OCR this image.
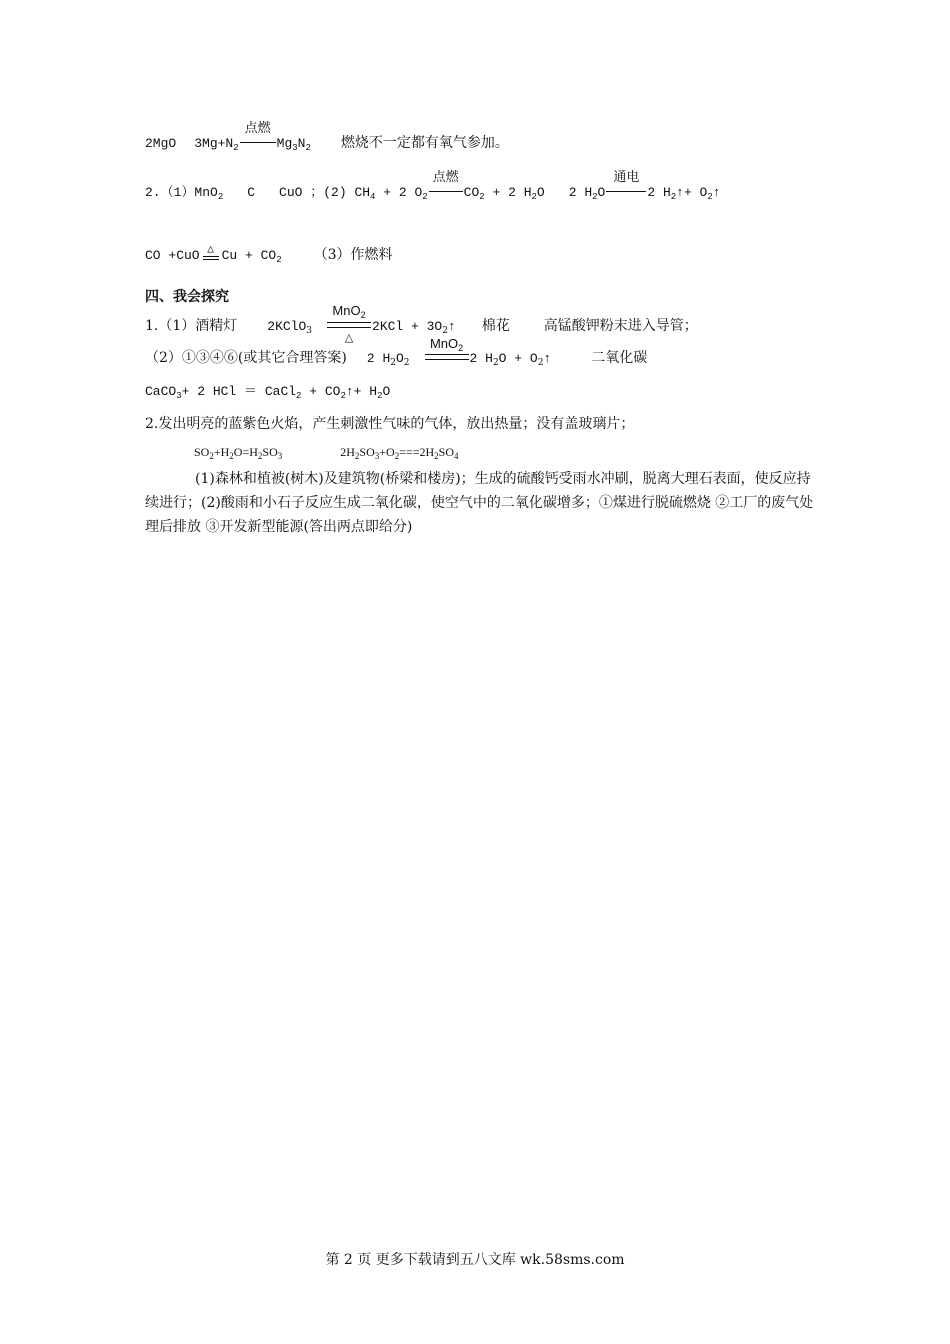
2MgO $3Mg+N_2$
点燃
$Mg_3N_2$ 燃烧不一定都有氧气参加。
2.（1）MnO$_2$ C CuO ；(2) $CH_4 + 2$ $O_2$
点燃
$CO_2 + 2$ $H_2O$ 2 $H_2O$
通电
2 $H_2↑+$ $O_2↑$
CO +CuO △ $Cu + CO_2$ （3）作燃料
四、我会探究
1.（1）酒精灯 2KClO$_3$
MnO$_2$
△
$2KCl + 3O_2↑$ 棉花 高锰酸钾粉末进入导管；
（2）①③④⑥(或其它合理答案) 2 $H_2O_2$
MnO$_2$
2 $H_2O$ + $O_2↑$	二氧化碳
CaCO$_3$+ 2 HCl ＝ CaCl$_2$ + $CO_2↑+ H_2O$
2.发出明亮的蓝紫色火焰，产生刺激性气味的气体，放出热量；没有盖玻璃片；
$SO_2+H_2O=H_2SO_3$	$2H_2SO_3+O_2===2H_2SO_4$
(1)森林和植被(树木)及建筑物(桥梁和楼房)；生成的硫酸钙受雨水冲刷，脱离大理石表面，使反应持续进行；(2)酸雨和小石子反应生成二氧化碳，使空气中的二氧化碳增多；①煤进行脱硫燃烧 ②工厂的废气处理后排放 ③开发新型能源(答出两点即给分)
第 2 页 更多下载请到五八文库 wk.58sms.com
